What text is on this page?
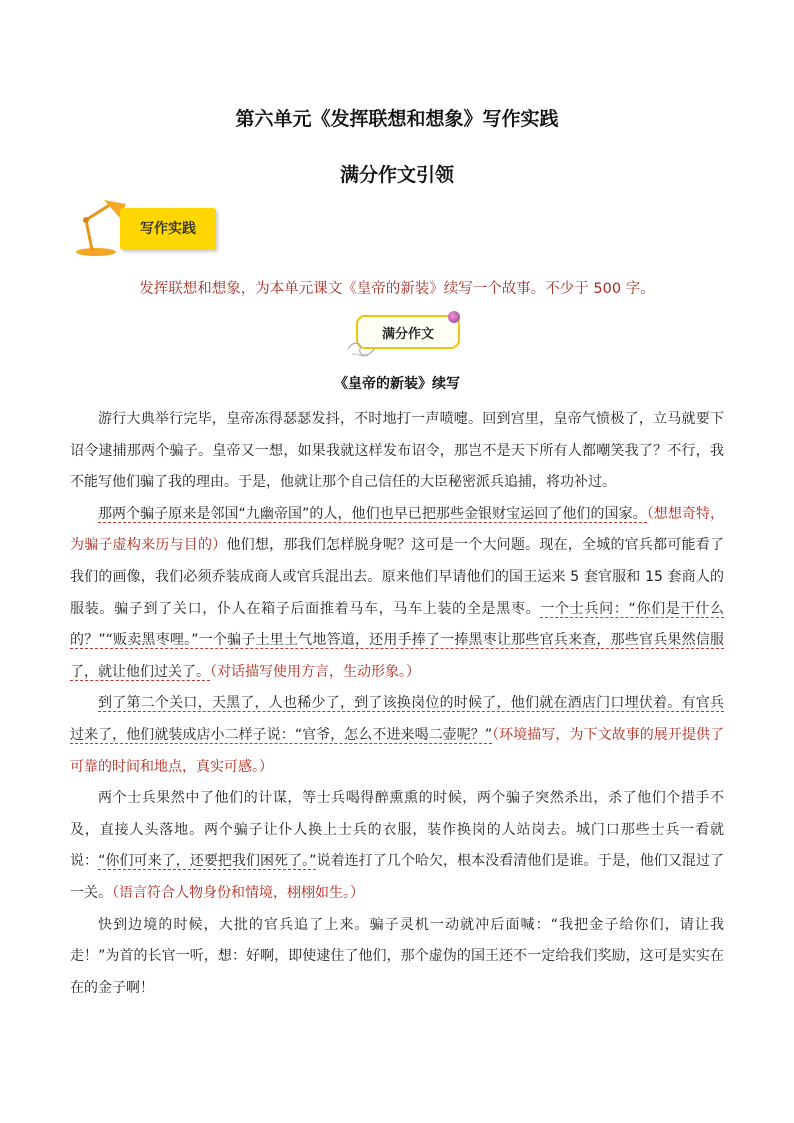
第六单元《发挥联想和想象》写作实践
满分作文引领
写作实践
发挥联想和想象，为本单元课文《皇帝的新装》续写一个故事。不少于 500 字。
满分作文
《皇帝的新装》续写

游行大典举行完毕，皇帝冻得瑟瑟发抖，不时地打一声喷嚏。回到宫里，皇帝气愤极了，立马就要下诏令逮捕那两个骗子。皇帝又一想，如果我就这样发布诏令，那岂不是天下所有人都嘲笑我了？不行，我不能写他们骗了我的理由。于是，他就让那个自己信任的大臣秘密派兵追捕，将功补过。

那两个骗子原来是邻国“九幽帝国”的人，他们也早已把那些金银财宝运回了他们的国家。（想想奇特，为骗子虚构来历与目的）他们想，那我们怎样脱身呢？这可是一个大问题。现在，全城的官兵都可能看了我们的画像，我们必须乔装成商人或官兵混出去。原来他们早请他们的国王运来 5 套官服和 15 套商人的服装。骗子到了关口，仆人在箱子后面推着马车，马车上装的全是黑枣。一个士兵问：“你们是干什么的？”“贩卖黑枣哩。”一个骗子土里土气地答道，还用手捧了一捧黑枣让那些官兵来查，那些官兵果然信服了，就让他们过关了。（对话描写使用方言，生动形象。）

到了第二个关口，天黑了，人也稀少了，到了该换岗位的时候了，他们就在酒店门口埋伏着。有官兵过来了，他们就装成店小二样子说：“官爷，怎么不进来喝二壶呢？”（环境描写，为下文故事的展开提供了可靠的时间和地点，真实可感。）

两个士兵果然中了他们的计谋，等士兵喝得醉熏熏的时候，两个骗子突然杀出，杀了他们个措手不及，直接人头落地。两个骗子让仆人换上士兵的衣服，装作换岗的人站岗去。城门口那些士兵一看就说：“你们可来了，还要把我们困死了。”说着连打了几个哈欠，根本没看清他们是谁。于是，他们又混过了一关。（语言符合人物身份和情境，栩栩如生。）

快到边境的时候，大批的官兵追了上来。骗子灵机一动就冲后面喊：“我把金子给你们，请让我走！”为首的长官一听，想：好啊，即使逮住了他们，那个虚伪的国王还不一定给我们奖励，这可是实实在在的金子啊！
